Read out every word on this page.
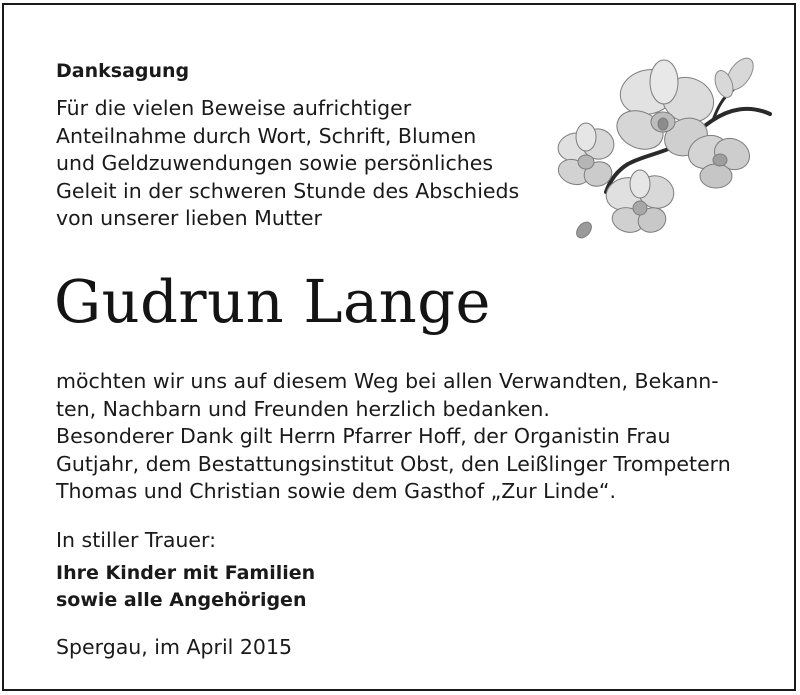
Danksagung
Für die vielen Beweise aufrichtiger
Anteilnahme durch Wort, Schrift, Blumen
und Geldzuwendungen sowie persönliches
Geleit in der schweren Stunde des Abschieds
von unserer lieben Mutter
Gudrun Lange
möchten wir uns auf diesem Weg bei allen Verwandten, Bekann-
ten, Nachbarn und Freunden herzlich bedanken.
Besonderer Dank gilt Herrn Pfarrer Hoff, der Organistin Frau
Gutjahr, dem Bestattungsinstitut Obst, den Leißlinger Trompetern
Thomas und Christian sowie dem Gasthof „Zur Linde“.
In stiller Trauer:
Ihre Kinder mit Familien
sowie alle Angehörigen
Spergau, im April 2015
